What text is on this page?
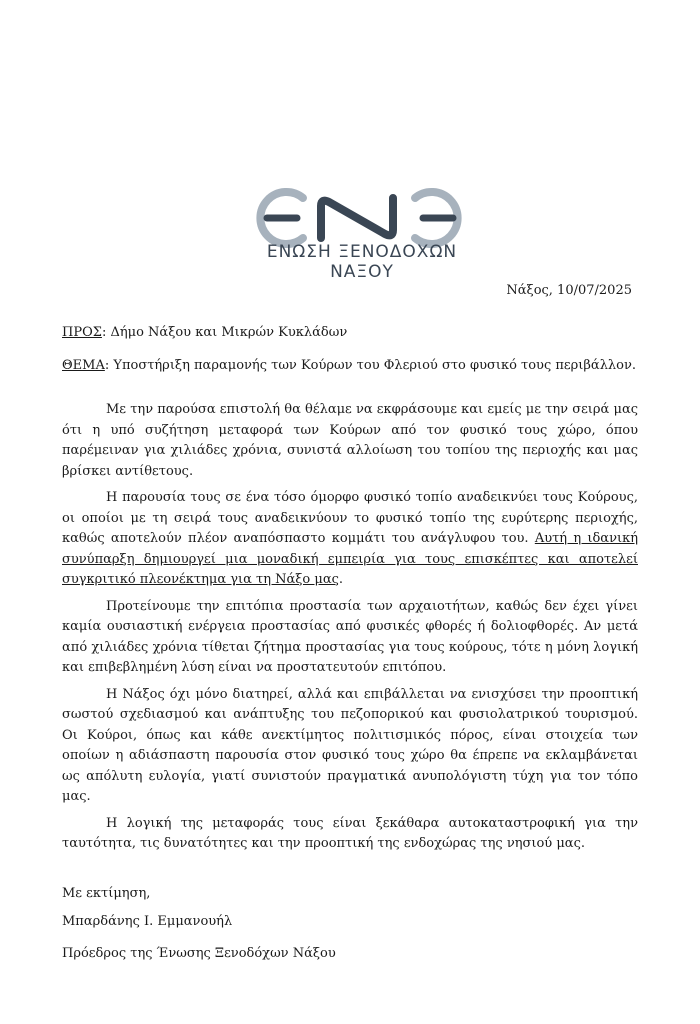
ΕΝΩΣΗ ΞΕΝΟΔΟΧΩΝ
ΝΑΞΟΥ
Νάξος, 10/07/2025
ΠΡΟΣ: Δήμο Νάξου και Μικρών Κυκλάδων
ΘΕΜΑ: Υποστήριξη παραμονής των Κούρων του Φλεριού στο φυσικό τους περιβάλλον.

Με την παρούσα επιστολή θα θέλαμε να εκφράσουμε και εμείς με την σειρά μας ότι η υπό συζήτηση μεταφορά των Κούρων από τον φυσικό τους χώρο, όπου παρέμειναν για χιλιάδες χρόνια, συνιστά αλλοίωση του τοπίου της περιοχής και μας βρίσκει αντίθετους.

Η παρουσία τους σε ένα τόσο όμορφο φυσικό τοπίο αναδεικνύει τους Κούρους, οι οποίοι με τη σειρά τους αναδεικνύουν το φυσικό τοπίο της ευρύτερης περιοχής, καθώς αποτελούν πλέον αναπόσπαστο κομμάτι του ανάγλυφου του. Αυτή η ιδανική συνύπαρξη δημιουργεί μια μοναδική εμπειρία για τους επισκέπτες και αποτελεί συγκριτικό πλεονέκτημα για τη Νάξο μας.

Προτείνουμε την επιτόπια προστασία των αρχαιοτήτων, καθώς δεν έχει γίνει καμία ουσιαστική ενέργεια προστασίας από φυσικές φθορές ή δολιοφθορές. Αν μετά από χιλιάδες χρόνια τίθεται ζήτημα προστασίας για τους κούρους, τότε η μόνη λογική και επιβεβλημένη λύση είναι να προστατευτούν επιτόπου.

Η Νάξος όχι μόνο διατηρεί, αλλά και επιβάλλεται να ενισχύσει την προοπτική σωστού σχεδιασμού και ανάπτυξης του πεζοπορικού και φυσιολατρικού τουρισμού. Οι Κούροι, όπως και κάθε ανεκτίμητος πολιτισμικός πόρος, είναι στοιχεία των οποίων η αδιάσπαστη παρουσία στον φυσικό τους χώρο θα έπρεπε να εκλαμβάνεται ως απόλυτη ευλογία, γιατί συνιστούν πραγματικά ανυπολόγιστη τύχη για τον τόπο μας.

Η λογική της μεταφοράς τους είναι ξεκάθαρα αυτοκαταστροφική για την ταυτότητα, τις δυνατότητες και την προοπτική της ενδοχώρας της νησιού μας.

Με εκτίμηση,
Μπαρδάνης Ι. Εμμανουήλ
Πρόεδρος της Ένωσης Ξενοδόχων Νάξου
